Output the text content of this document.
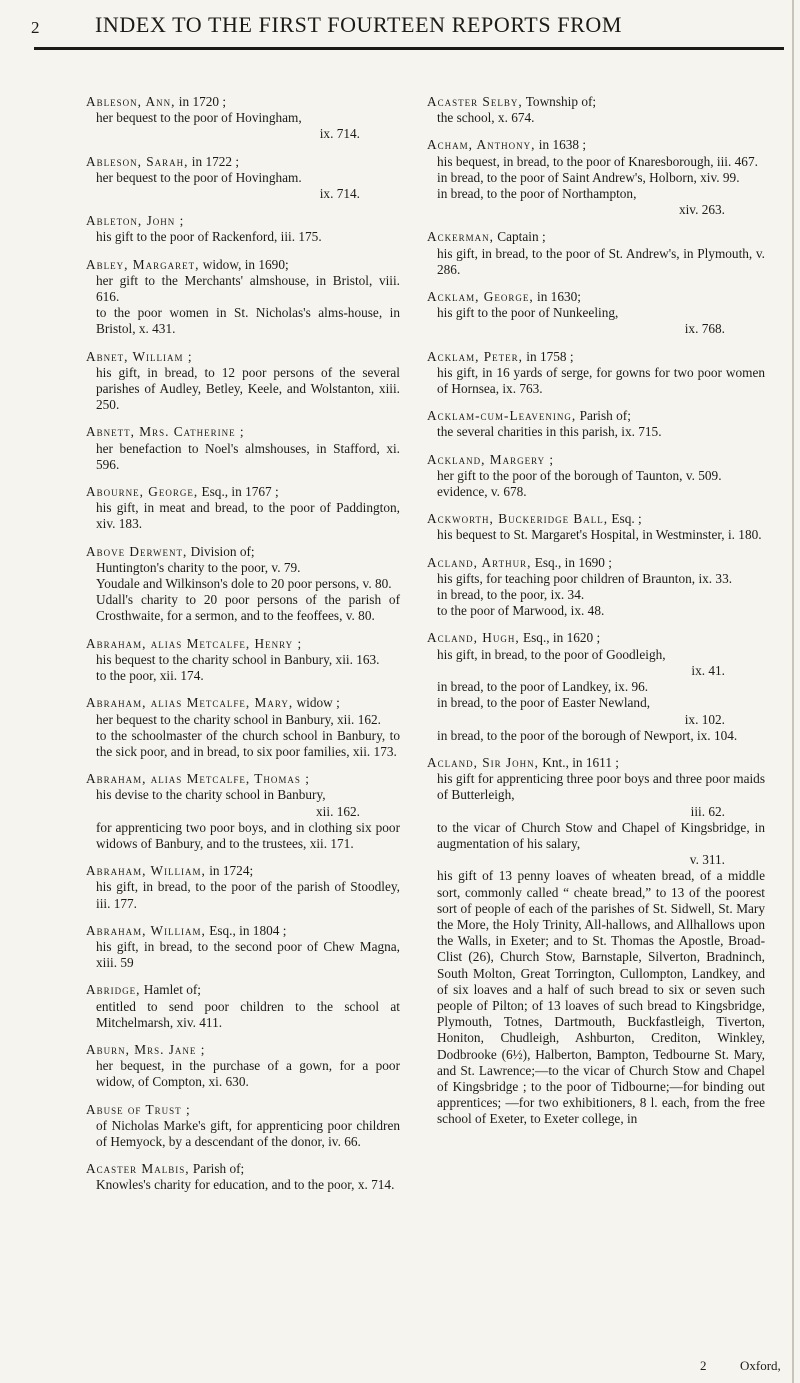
2	INDEX TO THE FIRST FOURTEEN REPORTS FROM
Ableson, Ann, in 1720 ;
her bequest to the poor of Hovingham,
ix. 714.
Ableson, Sarah, in 1722 ;
her bequest to the poor of Hovingham.
ix. 714.
Ableton, John ;
his gift to the poor of Rackenford, iii. 175.
Abley, Margaret, widow, in 1690;
her gift to the Merchants' almshouse, in Bristol, viii. 616.
to the poor women in St. Nicholas's alms-house, in Bristol, x. 431.
Abnet, William ;
his gift, in bread, to 12 poor persons of the several parishes of Audley, Betley, Keele, and Wolstanton, xiii. 250.
Abnett, Mrs. Catherine ;
her benefaction to Noel's almshouses, in Stafford, xi. 596.
Abourne, George, Esq., in 1767 ;
his gift, in meat and bread, to the poor of Paddington, xiv. 183.
Above Derwent, Division of;
Huntington's charity to the poor, v. 79.
Youdale and Wilkinson's dole to 20 poor persons, v. 80.
Udall's charity to 20 poor persons of the parish of Crosthwaite, for a sermon, and to the feoffees, v. 80.
Abraham, alias Metcalfe, Henry ;
his bequest to the charity school in Banbury, xii. 163.
to the poor, xii. 174.
Abraham, alias Metcalfe, Mary, widow ;
her bequest to the charity school in Banbury, xii. 162.
to the schoolmaster of the church school in Banbury, to the sick poor, and in bread, to six poor families, xii. 173.
Abraham, alias Metcalfe, Thomas ;
his devise to the charity school in Banbury,
xii. 162.
for apprenticing two poor boys, and in clothing six poor widows of Banbury, and to the trustees, xii. 171.
Abraham, William, in 1724;
his gift, in bread, to the poor of the parish of Stoodley, iii. 177.
Abraham, William, Esq., in 1804 ;
his gift, in bread, to the second poor of Chew Magna, xiii. 59
Abridge, Hamlet of;
entitled to send poor children to the school at Mitchelmarsh, xiv. 411.
Aburn, Mrs. Jane ;
her bequest, in the purchase of a gown, for a poor widow, of Compton, xi. 630.
Abuse of Trust ;
of Nicholas Marke's gift, for apprenticing poor children of Hemyock, by a descendant of the donor, iv. 66.
Acaster Malbis, Parish of;
Knowles's charity for education, and to the poor, x. 714.
Acaster Selby, Township of;
the school, x. 674.
Acham, Anthony, in 1638 ;
his bequest, in bread, to the poor of Knaresborough, iii. 467.
in bread, to the poor of Saint Andrew's, Holborn, xiv. 99.
in bread, to the poor of Northampton,
xiv. 263.
Ackerman, Captain ;
his gift, in bread, to the poor of St. Andrew's, in Plymouth, v. 286.
Acklam, George, in 1630;
his gift to the poor of Nunkeeling,
ix. 768.
Acklam, Peter, in 1758 ;
his gift, in 16 yards of serge, for gowns for two poor women of Hornsea, ix. 763.
Acklam-cum-Leavening, Parish of;
the several charities in this parish, ix. 715.
Ackland, Margery ;
her gift to the poor of the borough of Taunton, v. 509.
evidence, v. 678.
Ackworth, Buckeridge Ball, Esq. ;
his bequest to St. Margaret's Hospital, in Westminster, i. 180.
Acland, Arthur, Esq., in 1690 ;
his gifts, for teaching poor children of Braunton, ix. 33.
in bread, to the poor, ix. 34.
to the poor of Marwood, ix. 48.
Acland, Hugh, Esq., in 1620 ;
his gift, in bread, to the poor of Goodleigh,
ix. 41.
in bread, to the poor of Landkey, ix. 96.
in bread, to the poor of Easter Newland,
ix. 102.
in bread, to the poor of the borough of Newport, ix. 104.
Acland, Sir John, Knt., in 1611 ;
his gift for apprenticing three poor boys and three poor maids of Butterleigh,
iii. 62.
to the vicar of Church Stow and Chapel of Kingsbridge, in augmentation of his salary,
v. 311.
his gift of 13 penny loaves of wheaten bread, of a middle sort, commonly called “ cheate bread,” to 13 of the poorest sort of people of each of the parishes of St. Sidwell, St. Mary the More, the Holy Trinity, All-hallows, and Allhallows upon the Walls, in Exeter; and to St. Thomas the Apostle, Broad-Clist (26), Church Stow, Barnstaple, Silverton, Bradninch, South Molton, Great Torrington, Cullompton, Landkey, and of six loaves and a half of such bread to six or seven such people of Pilton; of 13 loaves of such bread to Kingsbridge, Plymouth, Totnes, Dartmouth, Buckfastleigh, Tiverton, Honiton, Chudleigh, Ashburton, Crediton, Winkley, Dodbrooke (6½), Halberton, Bampton, Tedbourne St. Mary, and St. Lawrence;—to the vicar of Church Stow and Chapel of Kingsbridge ; to the poor of Tidbourne;—for binding out apprentices; —for two exhibitioners, 8 l. each, from the free school of Exeter, to Exeter college, in
2	Oxford,
